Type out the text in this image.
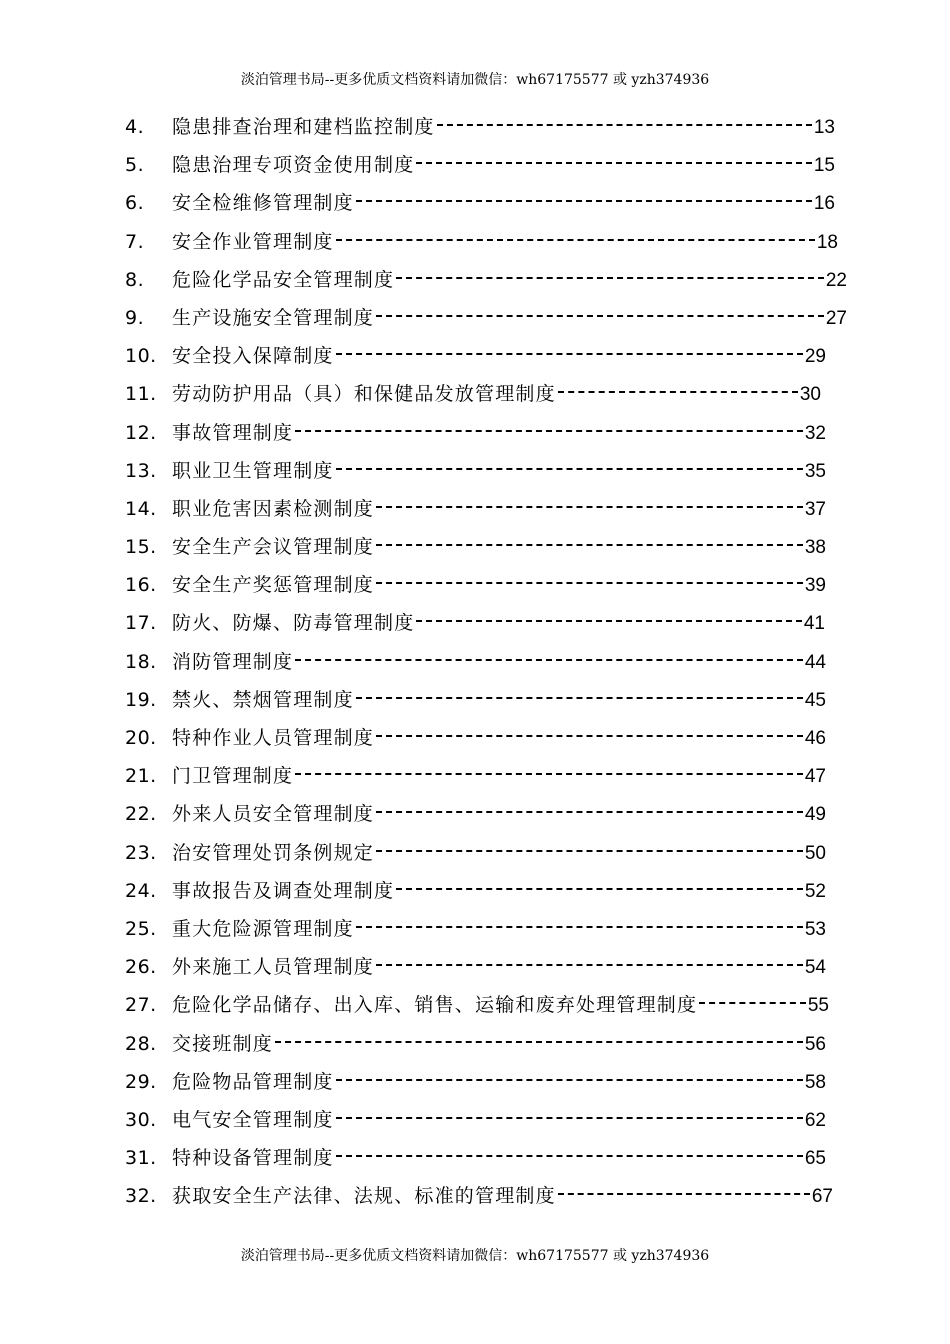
淡泊管理书局--更多优质文档资料请加微信：wh67175577 或 yzh374936
4.	隐患排查治理和建档监控制度	13
5.	隐患治理专项资金使用制度	15
6.	安全检维修管理制度	16
7.	安全作业管理制度	18
8.	危险化学品安全管理制度	22
9.	生产设施安全管理制度	27
10. 安全投入保障制度	29
11. 劳动防护用品（具）和保健品发放管理制度	30
12. 事故管理制度	32
13. 职业卫生管理制度	35
14. 职业危害因素检测制度	37
15. 安全生产会议管理制度	38
16. 安全生产奖惩管理制度	39
17. 防火、防爆、防毒管理制度	41
18. 消防管理制度	44
19. 禁火、禁烟管理制度	45
20. 特种作业人员管理制度	46
21. 门卫管理制度	47
22. 外来人员安全管理制度	49
23. 治安管理处罚条例规定	50
24. 事故报告及调查处理制度	52
25. 重大危险源管理制度	53
26. 外来施工人员管理制度	54
27. 危险化学品储存、出入库、销售、运输和废弃处理管理制度	55
28. 交接班制度	56
29. 危险物品管理制度	58
30. 电气安全管理制度	62
31. 特种设备管理制度	65
32. 获取安全生产法律、法规、标准的管理制度	67
淡泊管理书局--更多优质文档资料请加微信：wh67175577 或 yzh374936
